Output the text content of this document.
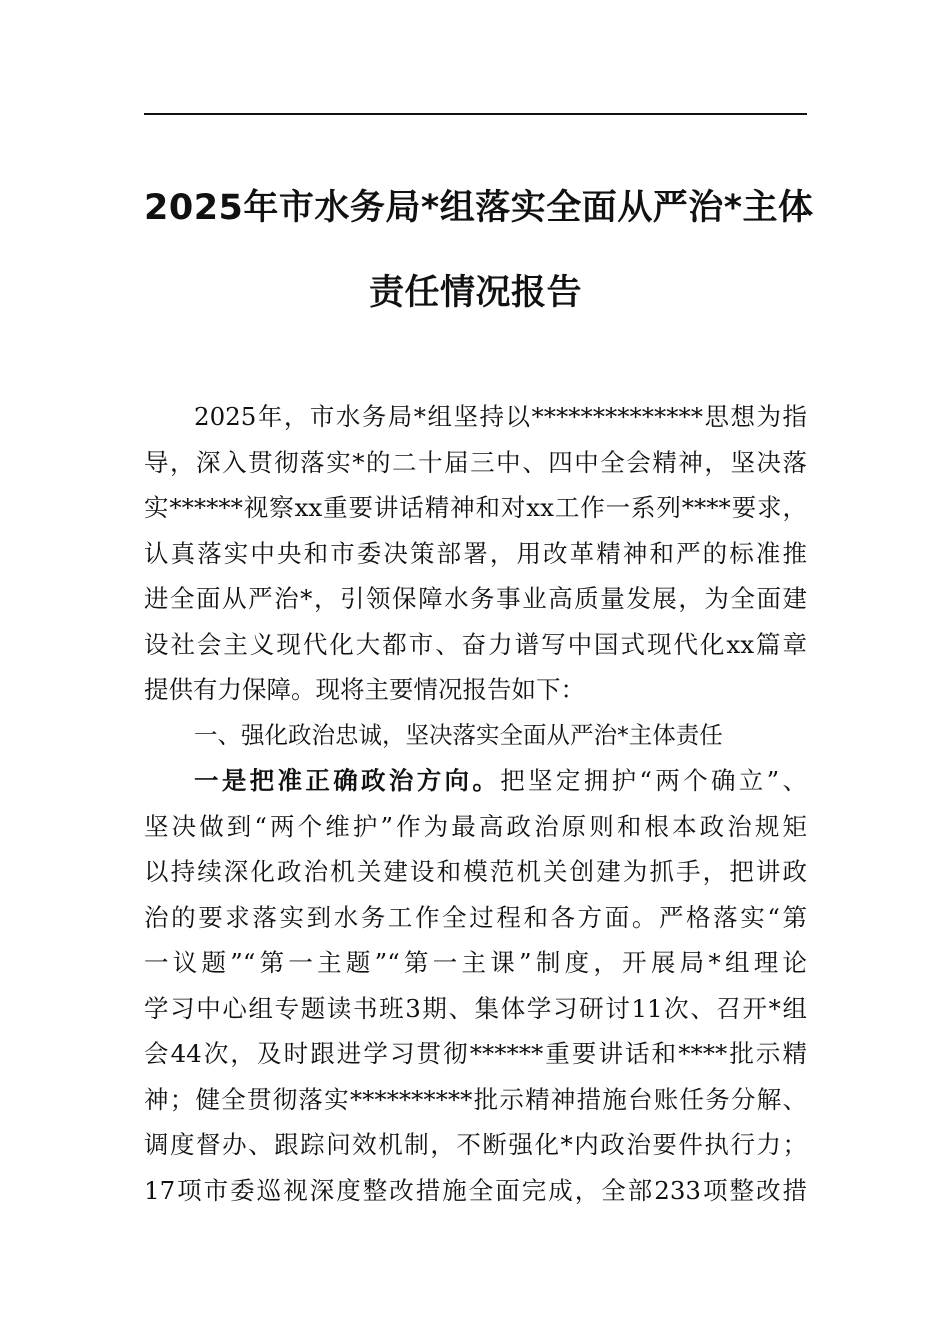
2025年市水务局*组落实全面从严治*主体
责任情况报告
2025年，市水务局*组坚持以**************思想为指
导，深入贯彻落实*的二十届三中、四中全会精神，坚决落
实******视察xx重要讲话精神和对xx工作一系列****要求，
认真落实中央和市委决策部署，用改革精神和严的标准推
进全面从严治*，引领保障水务事业高质量发展，为全面建
设社会主义现代化大都市、奋力谱写中国式现代化xx篇章
提供有力保障。现将主要情况报告如下：
一、强化政治忠诚，坚决落实全面从严治*主体责任
一是把准正确政治方向。把坚定拥护“两个确立”、
坚决做到“两个维护”作为最高政治原则和根本政治规矩
以持续深化政治机关建设和模范机关创建为抓手，把讲政
治的要求落实到水务工作全过程和各方面。严格落实“第
一议题”“第一主题”“第一主课”制度，开展局*组理论
学习中心组专题读书班3期、集体学习研讨11次、召开*组
会44次，及时跟进学习贯彻******重要讲话和****批示精
神；健全贯彻落实**********批示精神措施台账任务分解、
调度督办、跟踪问效机制，不断强化*内政治要件执行力；
17项市委巡视深度整改措施全面完成，全部233项整改措
